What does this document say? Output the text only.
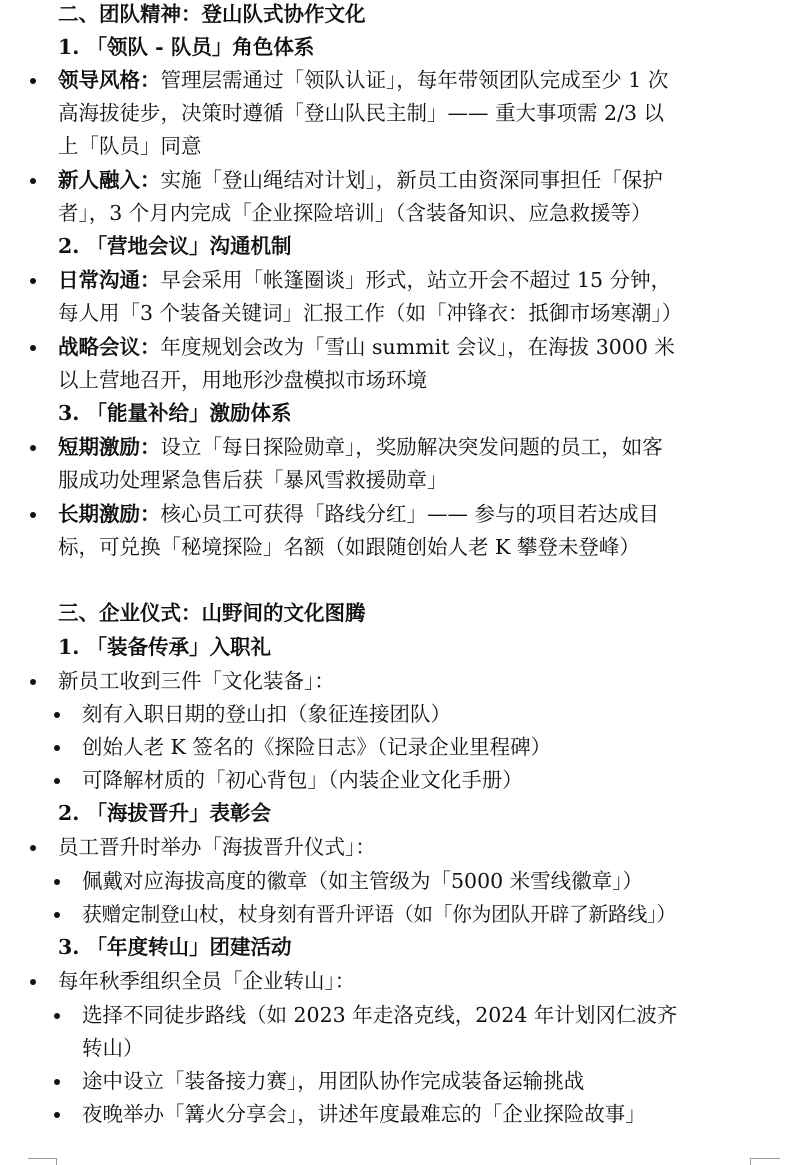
二、团队精神：登山队式协作文化
1. 「领队 - 队员」角色体系
领导风格：管理层需通过「领队认证」，每年带领团队完成至少 1 次
高海拔徒步，决策时遵循「登山队民主制」—— 重大事项需 2/3 以
上「队员」同意
新人融入：实施「登山绳结对计划」，新员工由资深同事担任「保护
者」，3 个月内完成「企业探险培训」（含装备知识、应急救援等）
2. 「营地会议」沟通机制
日常沟通：早会采用「帐篷圈谈」形式，站立开会不超过 15 分钟，
每人用「3 个装备关键词」汇报工作（如「冲锋衣：抵御市场寒潮」）
战略会议：年度规划会改为「雪山 summit 会议」，在海拔 3000 米
以上营地召开，用地形沙盘模拟市场环境
3. 「能量补给」激励体系
短期激励：设立「每日探险勋章」，奖励解决突发问题的员工，如客
服成功处理紧急售后获「暴风雪救援勋章」
长期激励：核心员工可获得「路线分红」—— 参与的项目若达成目
标，可兑换「秘境探险」名额（如跟随创始人老 K 攀登未登峰）
三、企业仪式：山野间的文化图腾
1. 「装备传承」入职礼
新员工收到三件「文化装备」：
刻有入职日期的登山扣（象征连接团队）
创始人老 K 签名的《探险日志》（记录企业里程碑）
可降解材质的「初心背包」（内装企业文化手册）
2. 「海拔晋升」表彰会
员工晋升时举办「海拔晋升仪式」：
佩戴对应海拔高度的徽章（如主管级为「5000 米雪线徽章」）
获赠定制登山杖，杖身刻有晋升评语（如「你为团队开辟了新路线」）
3. 「年度转山」团建活动
每年秋季组织全员「企业转山」：
选择不同徒步路线（如 2023 年走洛克线，2024 年计划冈仁波齐
转山）
途中设立「装备接力赛」，用团队协作完成装备运输挑战
夜晚举办「篝火分享会」，讲述年度最难忘的「企业探险故事」
